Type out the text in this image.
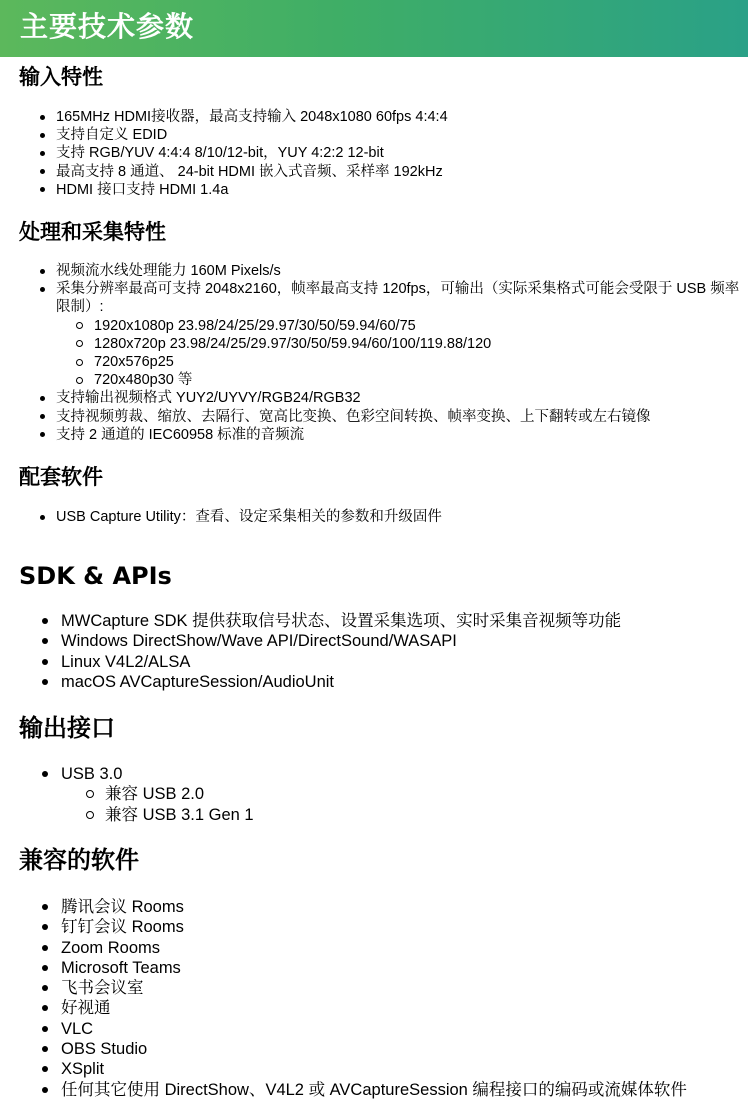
主要技术参数
输入特性
165MHz HDMI接收器，最高支持输入 2048x1080 60fps 4:4:4
支持自定义 EDID
支持 RGB/YUV 4:4:4 8/10/12-bit，YUY 4:2:2 12-bit
最高支持 8 通道、 24-bit HDMI 嵌入式音频、采样率 192kHz
HDMI 接口支持 HDMI 1.4a
处理和采集特性
视频流水线处理能力 160M Pixels/s
采集分辨率最高可支持 2048x2160，帧率最高支持 120fps，可输出（实际采集格式可能会受限于 USB 频率限制）:
1920x1080p 23.98/24/25/29.97/30/50/59.94/60/75
1280x720p 23.98/24/25/29.97/30/50/59.94/60/100/119.88/120
720x576p25
720x480p30 等
支持输出视频格式 YUY2/UYVY/RGB24/RGB32
支持视频剪裁、缩放、去隔行、宽高比变换、色彩空间转换、帧率变换、上下翻转或左右镜像
支持 2 通道的 IEC60958 标准的音频流
配套软件
USB Capture Utility：查看、设定采集相关的参数和升级固件
SDK & APIs
MWCapture SDK 提供获取信号状态、设置采集选项、实时采集音视频等功能
Windows DirectShow/Wave API/DirectSound/WASAPI
Linux V4L2/ALSA
macOS AVCaptureSession/AudioUnit
输出接口
USB 3.0
兼容 USB 2.0
兼容 USB 3.1 Gen 1
兼容的软件
腾讯会议 Rooms
钉钉会议 Rooms
Zoom Rooms
Microsoft Teams
飞书会议室
好视通
VLC
OBS Studio
XSplit
任何其它使用 DirectShow、V4L2 或 AVCaptureSession 编程接口的编码或流媒体软件
